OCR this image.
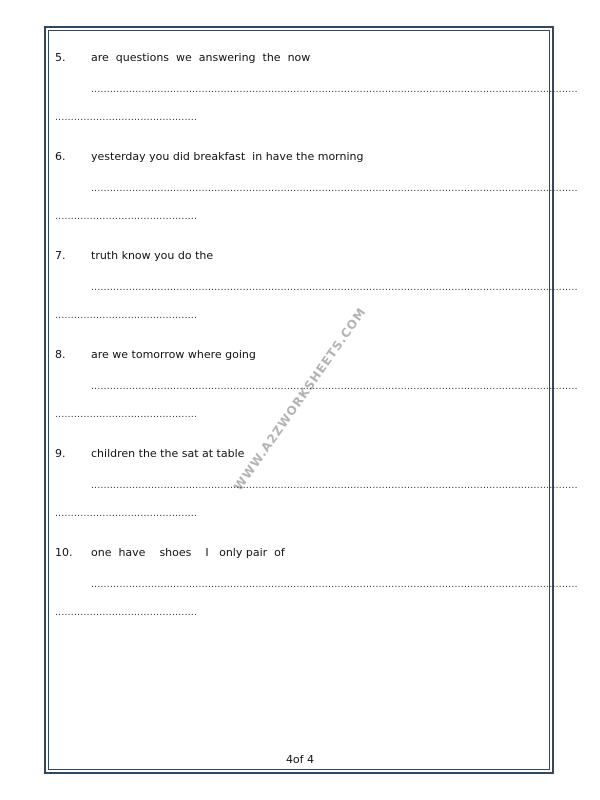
WWW.A2ZWORKSHEETS.COM
5. are  questions  we  answering  the  now
..........................................................................................................................................................
.............................................
6. yesterday you did breakfast  in have the morning
..........................................................................................................................................................
.............................................
7. truth know you do the
..........................................................................................................................................................
.............................................
8. are we tomorrow where going
..........................................................................................................................................................
.............................................
9. children the the sat at table
..........................................................................................................................................................
.............................................
10. one  have    shoes    I   only pair  of
..........................................................................................................................................................
.............................................
4of 4
